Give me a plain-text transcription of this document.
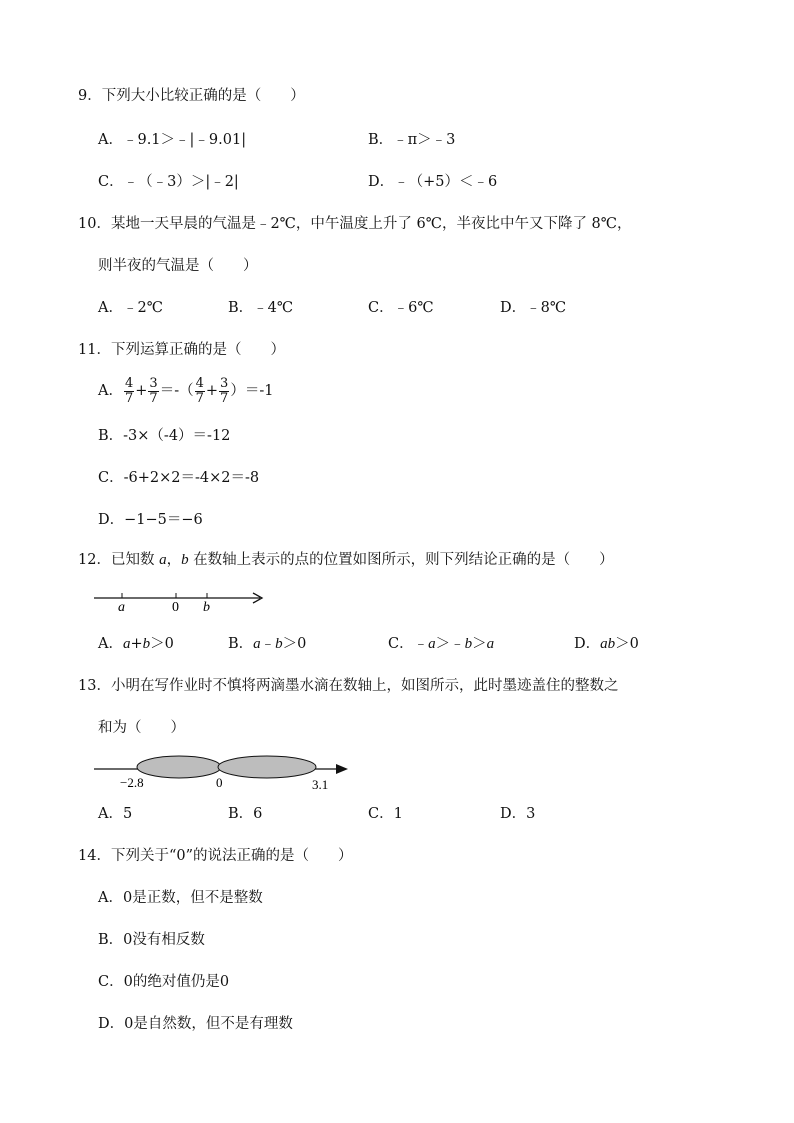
9．下列大小比较正确的是（　　）
A．﹣9.1＞﹣|﹣9.01|	B．﹣π＞﹣3
C．﹣（﹣3）＞|﹣2|	D．﹣（+5）＜﹣6
10．某地一天早晨的气温是﹣2℃，中午温度上升了 6℃，半夜比中午又下降了 8℃，
则半夜的气温是（　　）
A．﹣2℃	B．﹣4℃	C．﹣6℃	D．﹣8℃
11．下列运算正确的是（　　）
A． $\frac{4}{7} + \frac{3}{7}$ ＝-（ $\frac{4}{7} + \frac{3}{7} )=-1$
B．-3×（-4）＝-12
C．-6+2×2＝-4×2＝-8
D．−1−5＝−6
12．已知数 a，b 在数轴上表示的点的位置如图所示，则下列结论正确的是（　　）
a	0 b
A．a+b＞0	B．a﹣b＞0	C．﹣a＞﹣b＞a	D．ab＞0
13．小明在写作业时不慎将两滴墨水滴在数轴上，如图所示，此时墨迹盖住的整数之
和为（　　）
−2.8	0	3.1
A．5	B．6	C．1	D．3
14．下列关于“0”的说法正确的是（　　）
A．0是正数，但不是整数
B．0没有相反数
C．0的绝对值仍是0
D．0是自然数，但不是有理数
